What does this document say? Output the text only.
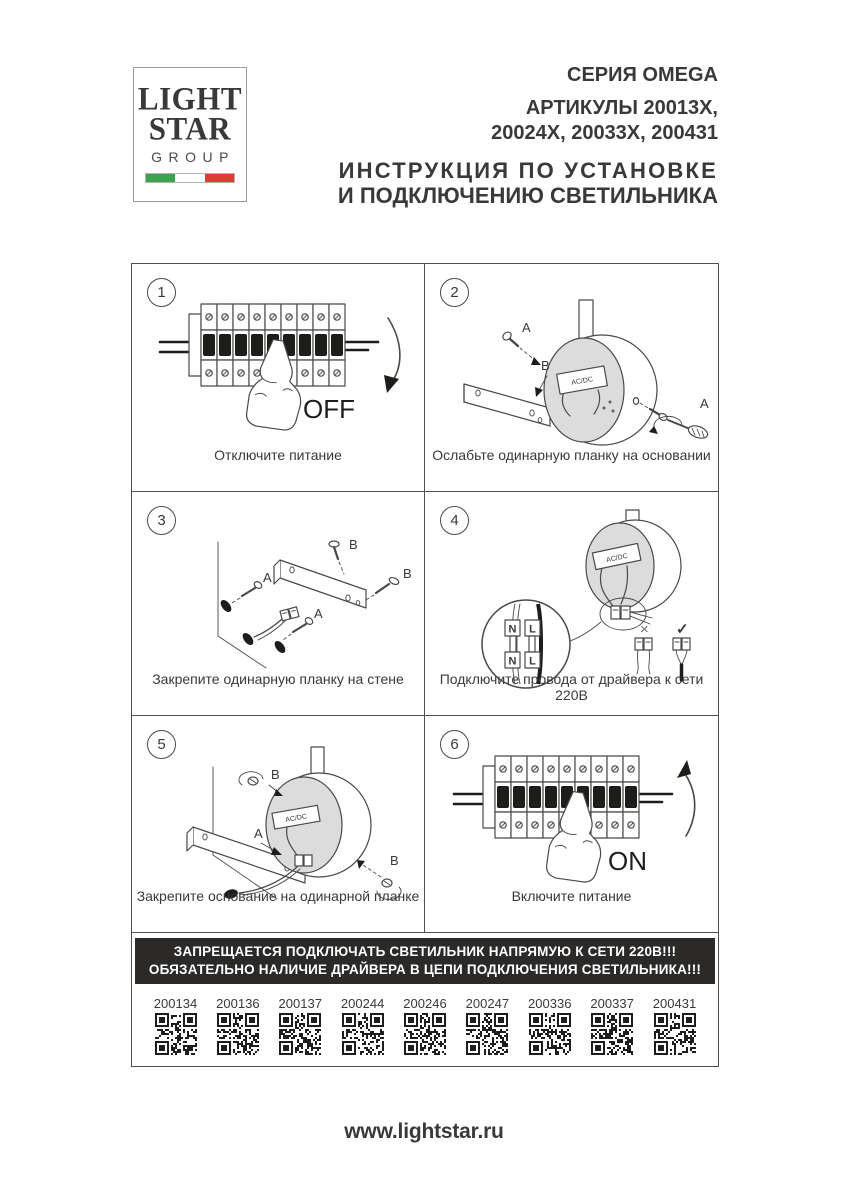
LIGHT
STAR
GROUP
СЕРИЯ OMEGA
АРТИКУЛЫ 20013X,
20024X, 20033X, 200431
ИНСТРУКЦИЯ ПО УСТАНОВКЕ
И ПОДКЛЮЧЕНИЮ СВЕТИЛЬНИКА
1
OFF
Отключите питание
2
AC/DC
A
B
A
Ослабьте одинарную планку на основании
3
B
B
A
A
Закрепите одинарную планку на стене
4
AC/DC
N L
N L
× ✓
Подключите провода от драйвера к сети 220В
5
AC/DC
B
B
A
Закрепите основание на одинарной планке
6
ON
Включите питание
ЗАПРЕЩАЕТСЯ ПОДКЛЮЧАТЬ СВЕТИЛЬНИК НАПРЯМУЮ К СЕТИ 220В!!!
ОБЯЗАТЕЛЬНО НАЛИЧИЕ ДРАЙВЕРА В ЦЕПИ ПОДКЛЮЧЕНИЯ СВЕТИЛЬНИКА!!!
200134	200136	200137	200244	200246	200247	200336	200337	200431
www.lightstar.ru
